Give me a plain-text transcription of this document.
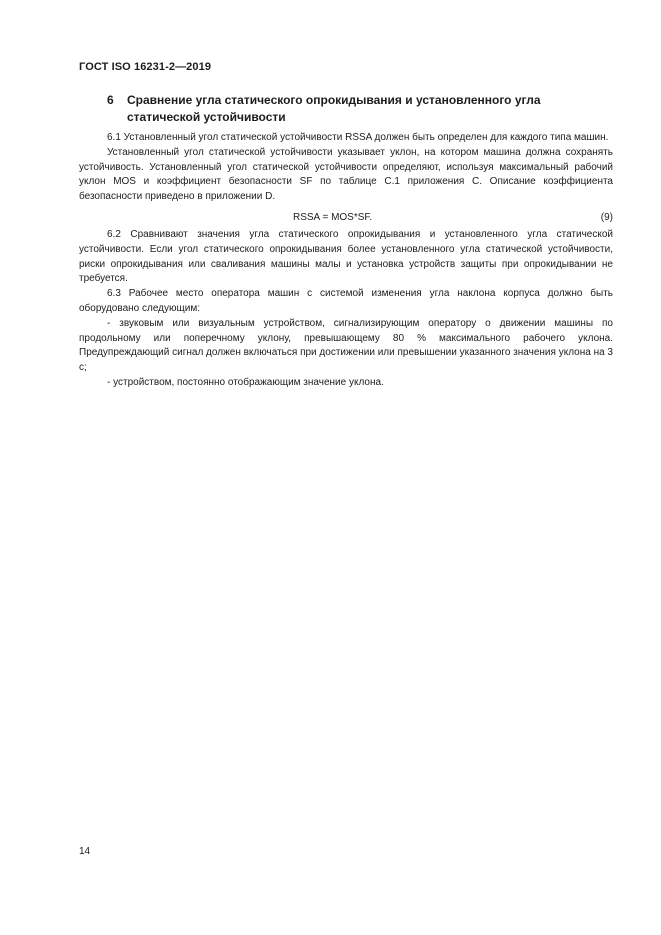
ГОСТ ISO 16231-2—2019
6 Сравнение угла статического опрокидывания и установленного угла
статической устойчивости

6.1 Установленный угол статической устойчивости RSSA должен быть определен для каждого типа машин.

Установленный угол статической устойчивости указывает уклон, на котором машина должна сохранять устойчивость. Установленный угол статической устойчивости определяют, используя максимальный рабочий уклон MOS и коэффициент безопасности SF по таблице C.1 приложения C. Описание коэффициента безопасности приведено в приложении D.

RSSA = MOS*SF.	(9)

6.2 Сравнивают значения угла статического опрокидывания и установленного угла статической устойчивости. Если угол статического опрокидывания более установленного угла статической устойчивости, риски опрокидывания или сваливания машины малы и установка устройств защиты при опрокидывании не требуется.

6.3 Рабочее место оператора машин с системой изменения угла наклона корпуса должно быть оборудовано следующим:

- звуковым или визуальным устройством, сигнализирующим оператору о движении машины по продольному или поперечному уклону, превышающему 80 % максимального рабочего уклона. Предупреждающий сигнал должен включаться при достижении или превышении указанного значения уклона на 3 с;

- устройством, постоянно отображающим значение уклона.

14
